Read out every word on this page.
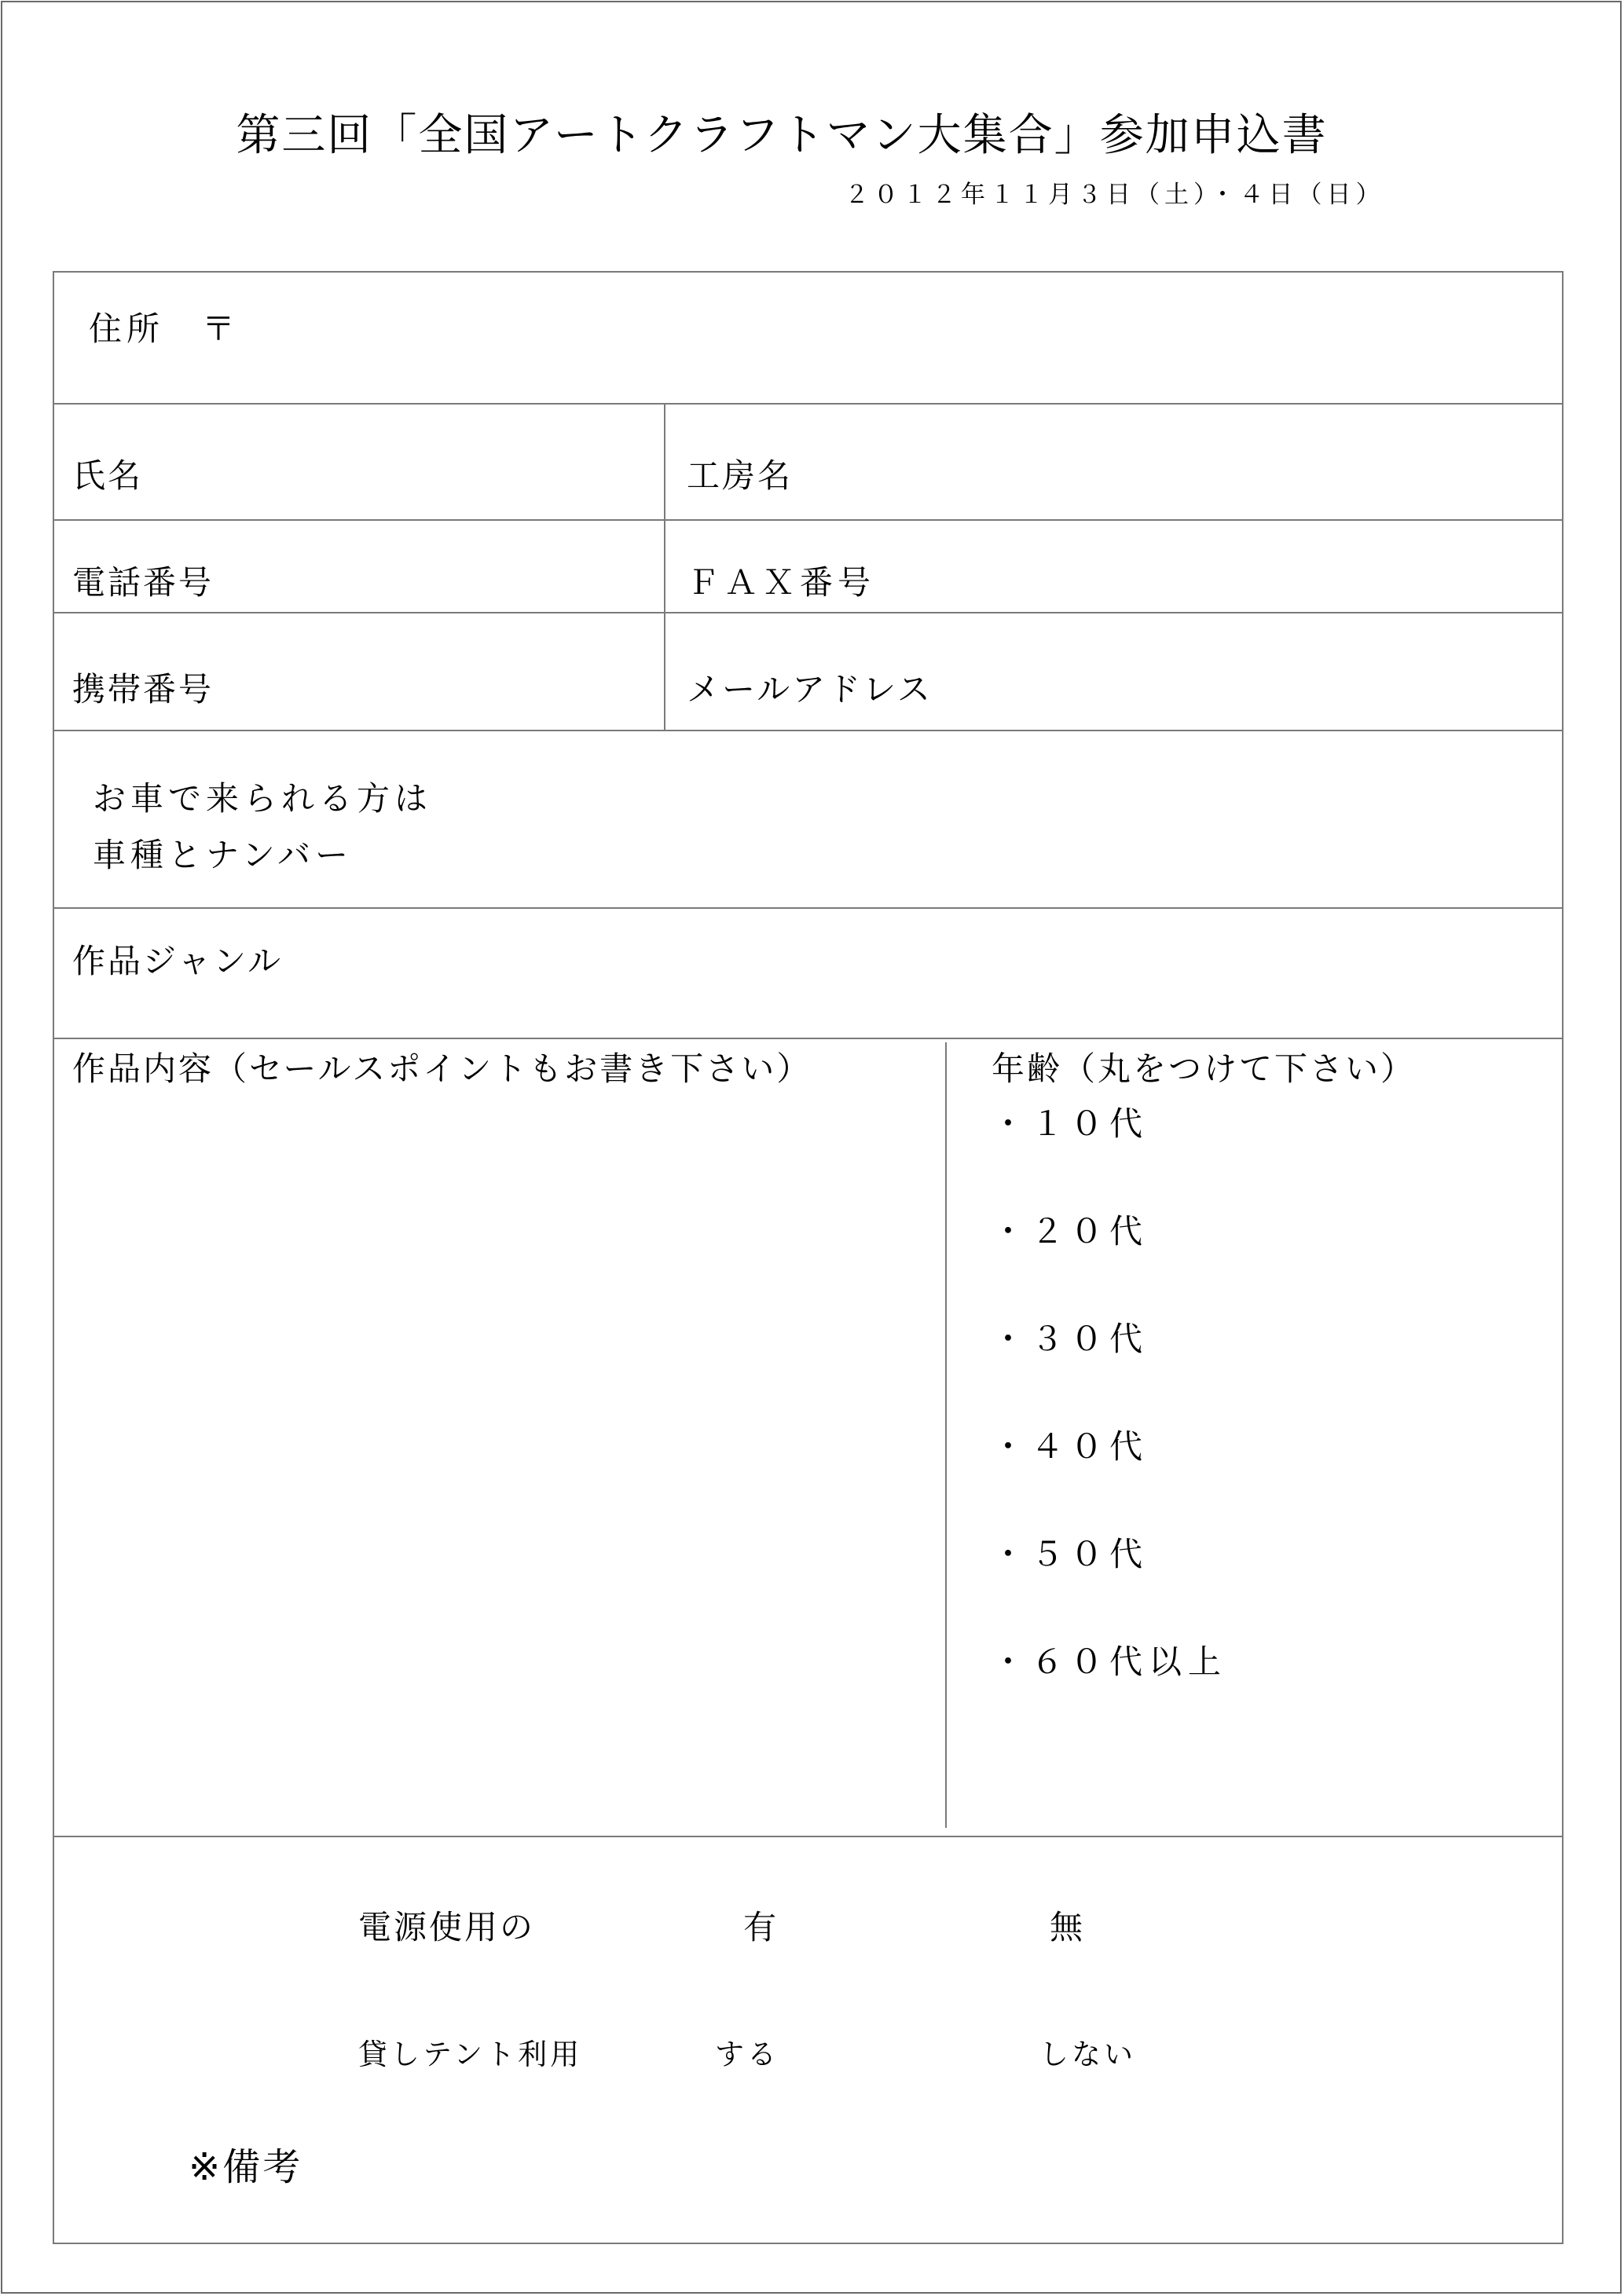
第三回「全国アートクラフトマン大集合」参加申込書
２０１２年１１月３日（土）・４日（日）
住所　〒
氏名	工房名
電話番号	ＦＡＸ番号
携帯番号	メールアドレス
お車で来られる方は
車種とナンバー
作品ジャンル
作品内容（セールスポイントもお書き下さい）	年齢（丸をつけて下さい）
・１０代
・２０代
・３０代
・４０代
・５０代
・６０代以上
電源使用の	有	無
貸しテント利用	する	しない
※備考
